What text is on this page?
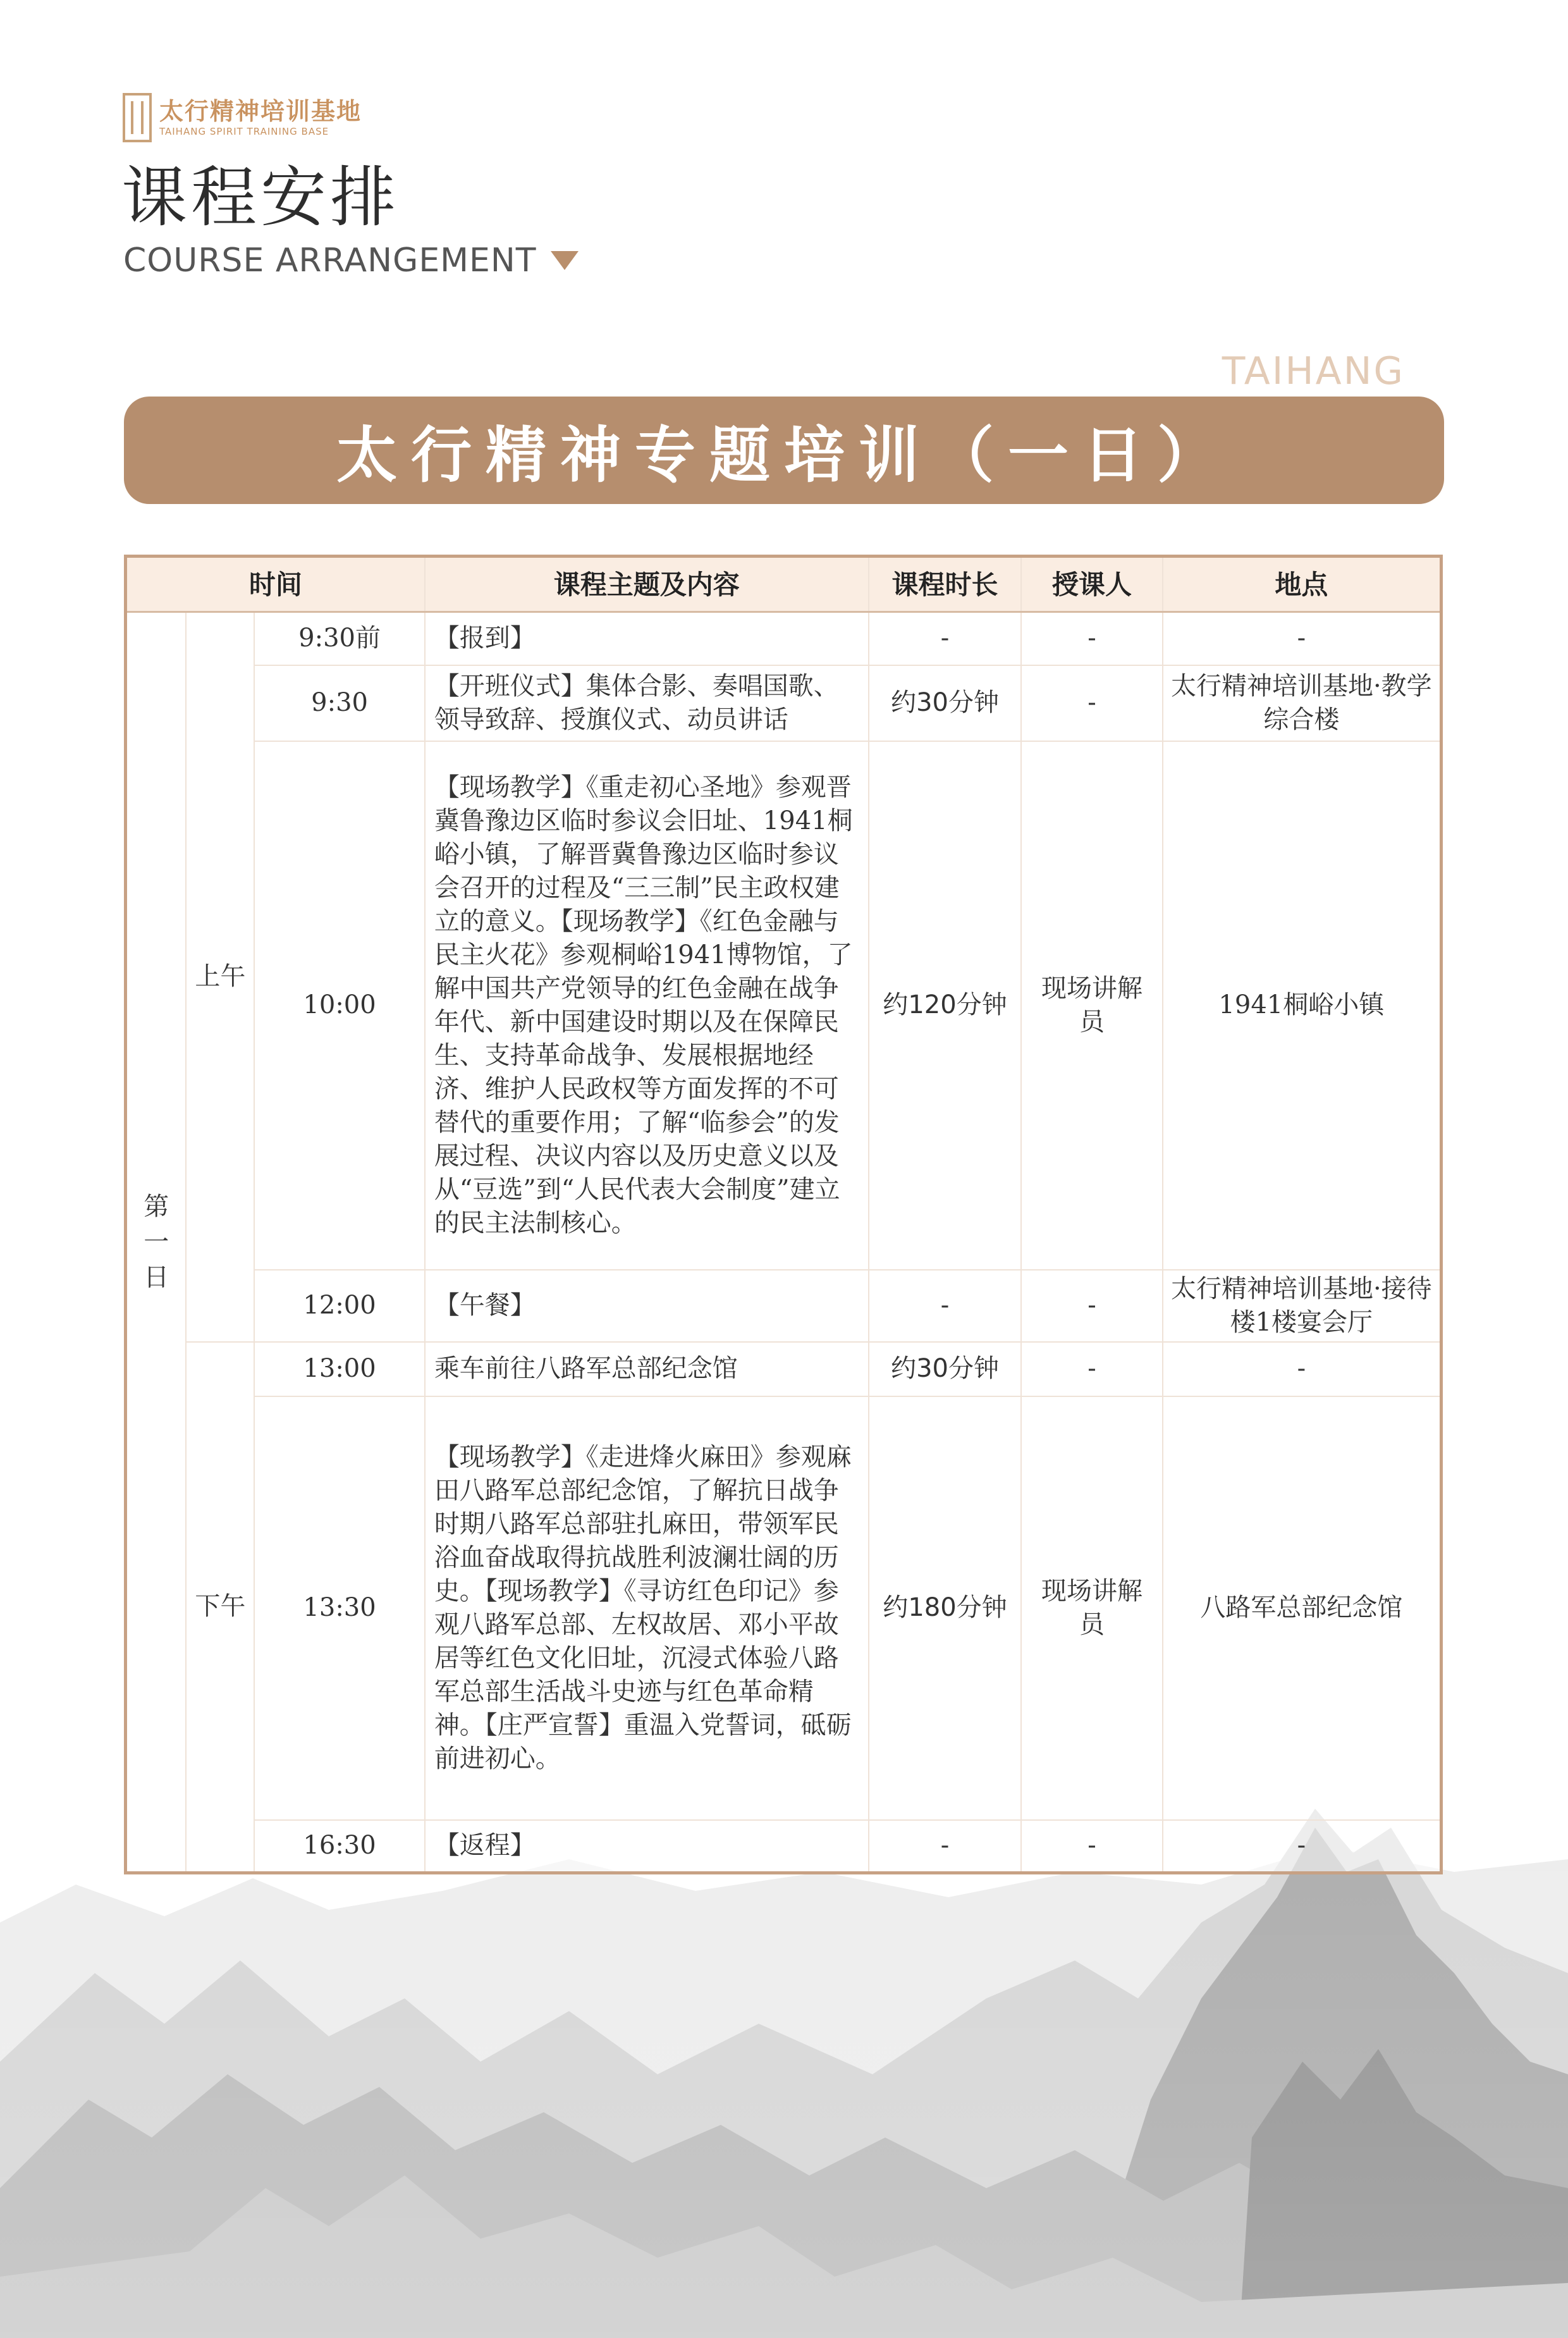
太行精神培训基地
TAIHANG SPIRIT TRAINING BASE
课程安排
COURSE ARRANGEMENT
TAIHANG
太行精神专题培训（一日）
时间			课程主题及内容	课程时长	授课人	地点
第一日	上午	9:30前	【报到】	-	-	-
		9:30	【开班仪式】集体合影、奏唱国歌、领导致辞、授旗仪式、动员讲话	约30分钟	-	太行精神培训基地·教学综合楼
		10:00	【现场教学】《重走初心圣地》参观晋冀鲁豫边区临时参议会旧址、1941桐峪小镇，了解晋冀鲁豫边区临时参议会召开的过程及“三三制”民主政权建立的意义。【现场教学】《红色金融与民主火花》参观桐峪1941博物馆，了解中国共产党领导的红色金融在战争年代、新中国建设时期以及在保障民生、支持革命战争、发展根据地经济、维护人民政权等方面发挥的不可替代的重要作用；了解“临参会”的发展过程、决议内容以及历史意义以及从“豆选”到“人民代表大会制度”建立的民主法制核心。	约120分钟	现场讲解员	1941桐峪小镇
		12:00	【午餐】	-	-	太行精神培训基地·接待楼1楼宴会厅
	下午	13:00	乘车前往八路军总部纪念馆	约30分钟	-	-
		13:30	【现场教学】《走进烽火麻田》参观麻田八路军总部纪念馆，了解抗日战争时期八路军总部驻扎麻田，带领军民浴血奋战取得抗战胜利波澜壮阔的历史。【现场教学】《寻访红色印记》参观八路军总部、左权故居、邓小平故居等红色文化旧址，沉浸式体验八路军总部生活战斗史迹与红色革命精神。【庄严宣誓】重温入党誓词，砥砺前进初心。	约180分钟	现场讲解员	八路军总部纪念馆
		16:30	【返程】	-	-	-
